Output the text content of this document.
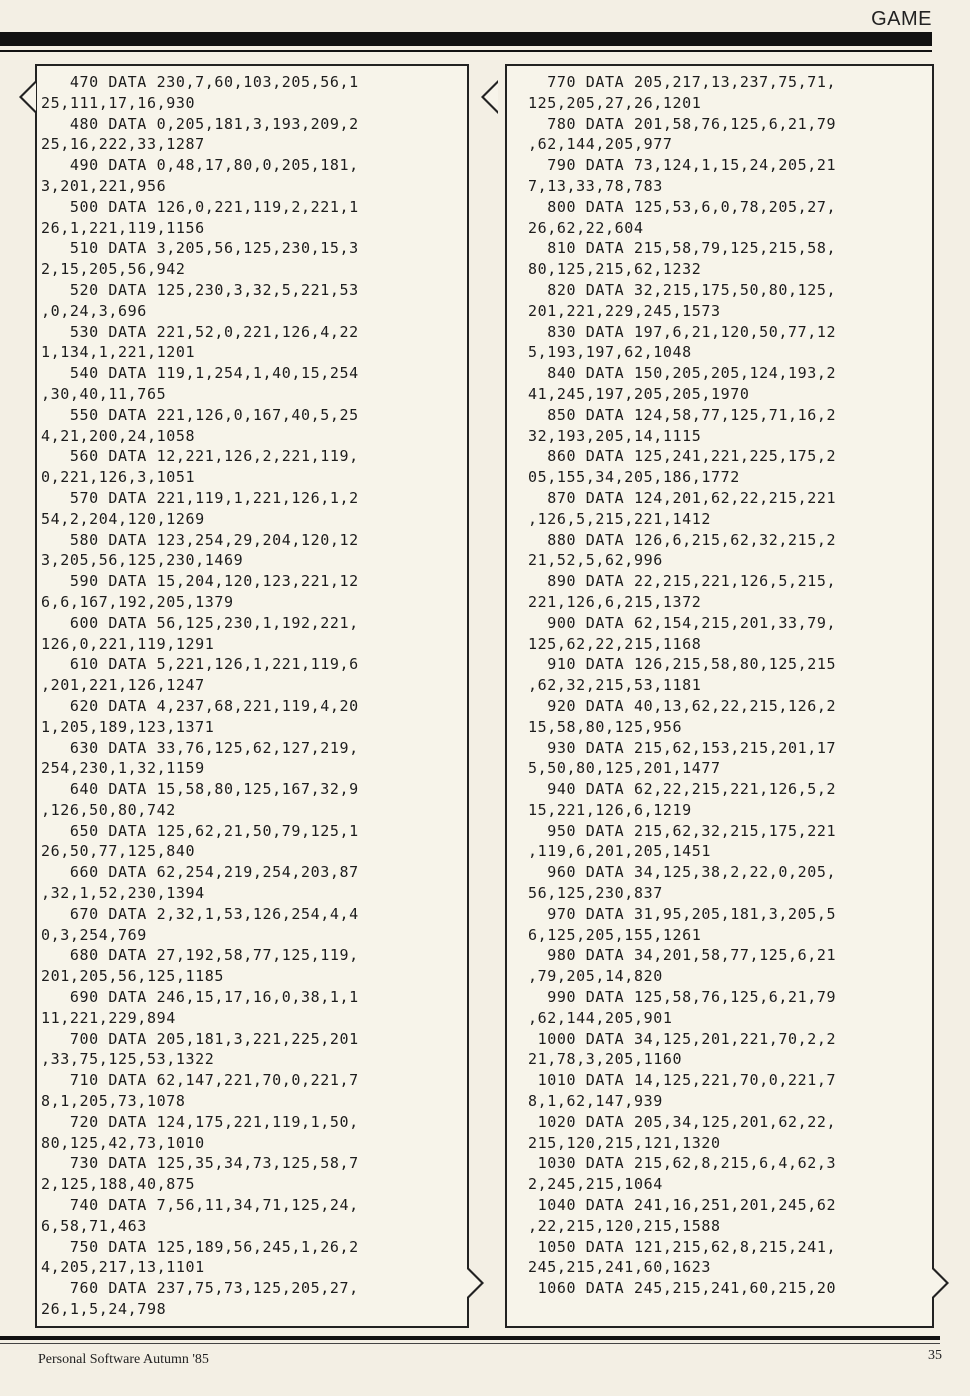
GAME
470 DATA 230,7,60,103,205,56,1
25,111,17,16,930
480 DATA 0,205,181,3,193,209,2
25,16,222,33,1287
490 DATA 0,48,17,80,0,205,181,
3,201,221,956
500 DATA 126,0,221,119,2,221,1
26,1,221,119,1156
510 DATA 3,205,56,125,230,15,3
2,15,205,56,942
520 DATA 125,230,3,32,5,221,53
,0,24,3,696
530 DATA 221,52,0,221,126,4,22
1,134,1,221,1201
540 DATA 119,1,254,1,40,15,254
,30,40,11,765
550 DATA 221,126,0,167,40,5,25
4,21,200,24,1058
560 DATA 12,221,126,2,221,119,
0,221,126,3,1051
570 DATA 221,119,1,221,126,1,2
54,2,204,120,1269
580 DATA 123,254,29,204,120,12
3,205,56,125,230,1469
590 DATA 15,204,120,123,221,12
6,6,167,192,205,1379
600 DATA 56,125,230,1,192,221,
126,0,221,119,1291
610 DATA 5,221,126,1,221,119,6
,201,221,126,1247
620 DATA 4,237,68,221,119,4,20
1,205,189,123,1371
630 DATA 33,76,125,62,127,219,
254,230,1,32,1159
640 DATA 15,58,80,125,167,32,9
,126,50,80,742
650 DATA 125,62,21,50,79,125,1
26,50,77,125,840
660 DATA 62,254,219,254,203,87
,32,1,52,230,1394
670 DATA 2,32,1,53,126,254,4,4
0,3,254,769
680 DATA 27,192,58,77,125,119,
201,205,56,125,1185
690 DATA 246,15,17,16,0,38,1,1
11,221,229,894
700 DATA 205,181,3,221,225,201
,33,75,125,53,1322
710 DATA 62,147,221,70,0,221,7
8,1,205,73,1078
720 DATA 124,175,221,119,1,50,
80,125,42,73,1010
730 DATA 125,35,34,73,125,58,7
2,125,188,40,875
740 DATA 7,56,11,34,71,125,24,
6,58,71,463
750 DATA 125,189,56,245,1,26,2
4,205,217,13,1101
760 DATA 237,75,73,125,205,27,
26,1,5,24,798
770 DATA 205,217,13,237,75,71,
125,205,27,26,1201
780 DATA 201,58,76,125,6,21,79
,62,144,205,977
790 DATA 73,124,1,15,24,205,21
7,13,33,78,783
800 DATA 125,53,6,0,78,205,27,
26,62,22,604
810 DATA 215,58,79,125,215,58,
80,125,215,62,1232
820 DATA 32,215,175,50,80,125,
201,221,229,245,1573
830 DATA 197,6,21,120,50,77,12
5,193,197,62,1048
840 DATA 150,205,205,124,193,2
41,245,197,205,205,1970
850 DATA 124,58,77,125,71,16,2
32,193,205,14,1115
860 DATA 125,241,221,225,175,2
05,155,34,205,186,1772
870 DATA 124,201,62,22,215,221
,126,5,215,221,1412
880 DATA 126,6,215,62,32,215,2
21,52,5,62,996
890 DATA 22,215,221,126,5,215,
221,126,6,215,1372
900 DATA 62,154,215,201,33,79,
125,62,22,215,1168
910 DATA 126,215,58,80,125,215
,62,32,215,53,1181
920 DATA 40,13,62,22,215,126,2
15,58,80,125,956
930 DATA 215,62,153,215,201,17
5,50,80,125,201,1477
940 DATA 62,22,215,221,126,5,2
15,221,126,6,1219
950 DATA 215,62,32,215,175,221
,119,6,201,205,1451
960 DATA 34,125,38,2,22,0,205,
56,125,230,837
970 DATA 31,95,205,181,3,205,5
6,125,205,155,1261
980 DATA 34,201,58,77,125,6,21
,79,205,14,820
990 DATA 125,58,76,125,6,21,79
,62,144,205,901
1000 DATA 34,125,201,221,70,2,2
21,78,3,205,1160
1010 DATA 14,125,221,70,0,221,7
8,1,62,147,939
1020 DATA 205,34,125,201,62,22,
215,120,215,121,1320
1030 DATA 215,62,8,215,6,4,62,3
2,245,215,1064
1040 DATA 241,16,251,201,245,62
,22,215,120,215,1588
1050 DATA 121,215,62,8,215,241,
245,215,241,60,1623
1060 DATA 245,215,241,60,215,20
Personal Software Autumn '85	35
